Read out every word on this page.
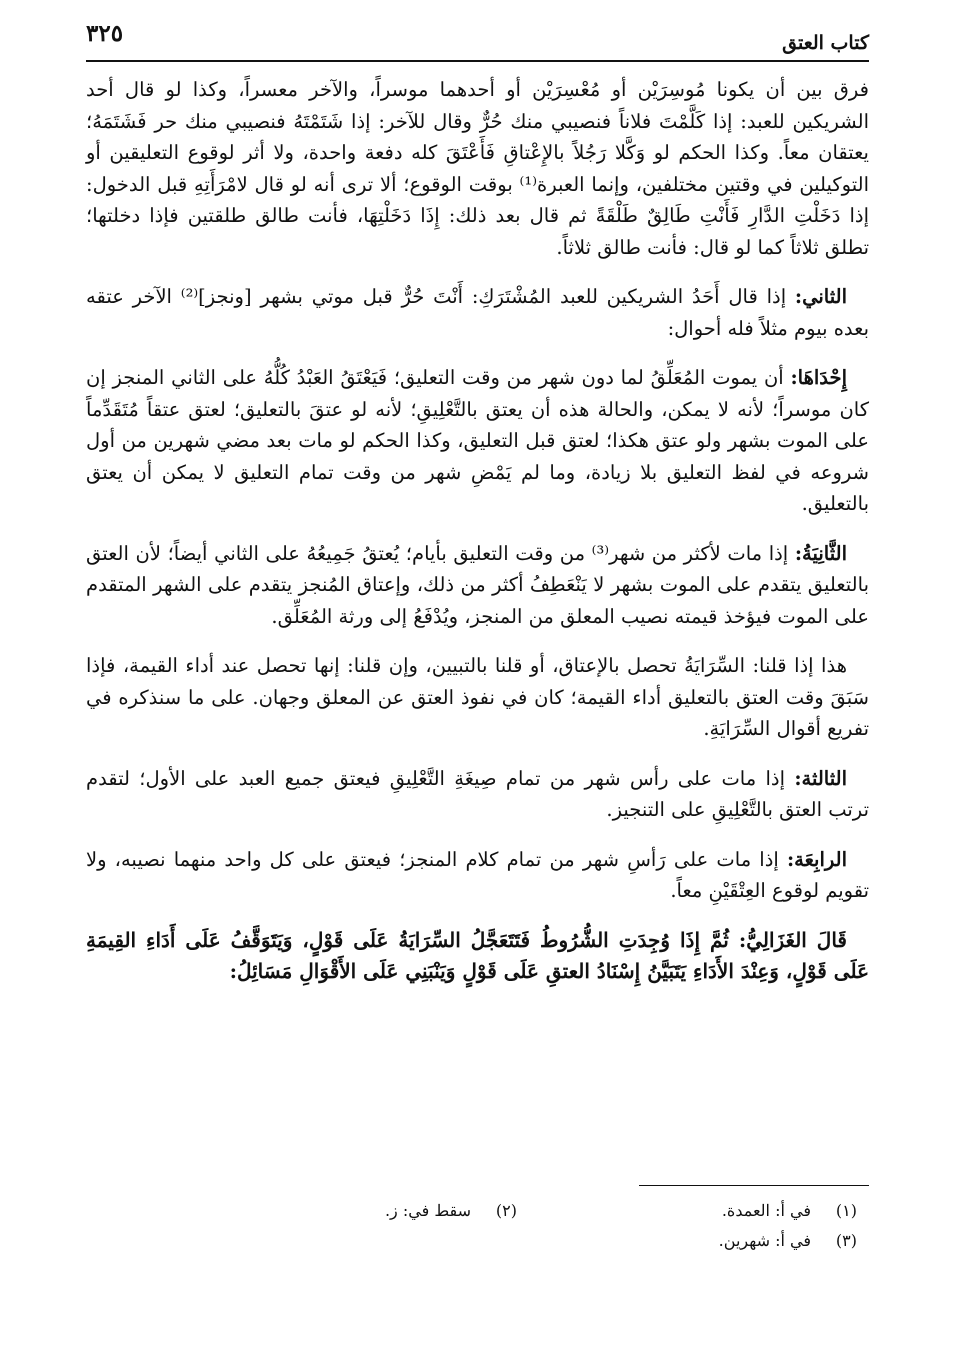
كتاب العتق
٣٢٥

فرق بين أن يكونا مُوسِرَيْن أو مُعْسِرَيْن أو أحدهما موسراً، والآخر معسراً، وكذا لو قال أحد الشريكين للعبد: إذا كَلَّمْتَ فلاناً فنصيبي منك حُرٌّ وقال للآخر: إذا شَتَمْتَهُ فنصيبي منك حر فَشَتَمَهُ؛ يعتقان معاً. وكذا الحكم لو وَكَّلا رَجُلاً بالإِعْتاقِ فَأَعْتَقَ كله دفعة واحدة، ولا أثر لوقوع التعليقين أو التوكيلين في وقتين مختلفين، وإنما العبرة⁽¹⁾ بوقت الوقوع؛ ألا ترى أنه لو قال لامْرَأَتِهِ قبل الدخول: إذا دَخَلْتِ الدَّارِ فَأَنْتِ طَالِقٌ طَلْقَةً ثم قال بعد ذلك: إِذَا دَخَلْتِهَا، فأنت طالق طلقتين فإذا دخلتها؛ تطلق ثلاثاً كما لو قال: فأنت طالق ثلاثاً.

الثاني: إذا قال أَحَدُ الشريكين للعبد المُشْتَرَكِ: أَنْتَ حُرٌّ قبل موتي بشهر [ونجز]⁽²⁾ الآخر عتقه بعده بيوم مثلاً فله أحوال:

إِحْدَاهَا: أن يموت المُعَلِّقُ لما دون شهر من وقت التعليق؛ فَيَعْتَقُ العَبْدُ كُلُّهُ على الثاني المنجز إن كان موسراً؛ لأنه لا يمكن، والحالة هذه أن يعتق بالتَّعْلِيقِ؛ لأنه لو عتقَ بالتعليق؛ لعتق عتقاً مُتَقَدِّماً على الموت بشهر ولو عتق هكذا؛ لعتق قبل التعليق، وكذا الحكم لو مات بعد مضي شهرين من أول شروعه في لفظ التعليق بلا زيادة، وما لم يَمْضِ شهر من وقت تمام التعليق لا يمكن أن يعتق بالتعليق.

الثَّانِيَةُ: إذا مات لأكثر من شهر⁽³⁾ من وقت التعليق بأيام؛ يُعتقُ جَمِيعُهُ على الثاني أيضاً؛ لأن العتق بالتعليق يتقدم على الموت بشهر لا يَنْعَطِفُ أكثر من ذلك، وإعتاق المُنجز يتقدم على الشهر المتقدم على الموت فيؤخذ قيمته نصيب المعلق من المنجز، ويُدْفَعُ إلى ورثة المُعَلِّق.

هذا إذا قلنا: السِّرَايَةُ تحصل بالإعتاق، أو قلنا بالتبيين، وإن قلنا: إنها تحصل عند أداء القيمة، فإذا سَبَقَ وقت العتق بالتعليق أداء القيمة؛ كان في نفوذ العتق عن المعلق وجهان. على ما سنذكره في تفريع أقوال السِّرَايَةِ.

الثالثة: إذا مات على رأس شهر من تمام صِيغَةِ التَّعْلِيقِ فيعتق جميع العبد على الأول؛ لتقدم ترتب العتق بالتَّعْلِيقِ على التنجيز.

الرابِعَة: إذا مات على رَأسِ شهر من تمام كلام المنجز؛ فيعتق على كل واحد منهما نصيبه، ولا تقويم لوقوع العِتْقَيْنِ معاً.

قَالَ الغَزَالِيُّ: ثُمَّ إِذَا وُجِدَتِ الشُّرُوطُ فَتَتَعَجَّلُ السِّرَايَةُ عَلَى قَوْلٍ، وَيَتَوَقَّفُ عَلَى أَدَاءِ القِيمَةِ عَلَى قَوْلٍ، وَعِنْدَ الأَدَاءِ يَتَبَيَّنُ إِسْنَادُ العتقِ عَلَى قَوْلٍ وَيَنْبَنِي عَلَى الأَقْوَالِ مَسَائِلُ:

(١)في أ: العمدة.
(٢)سقط في: ز.
(٣)في أ: شهرين.
